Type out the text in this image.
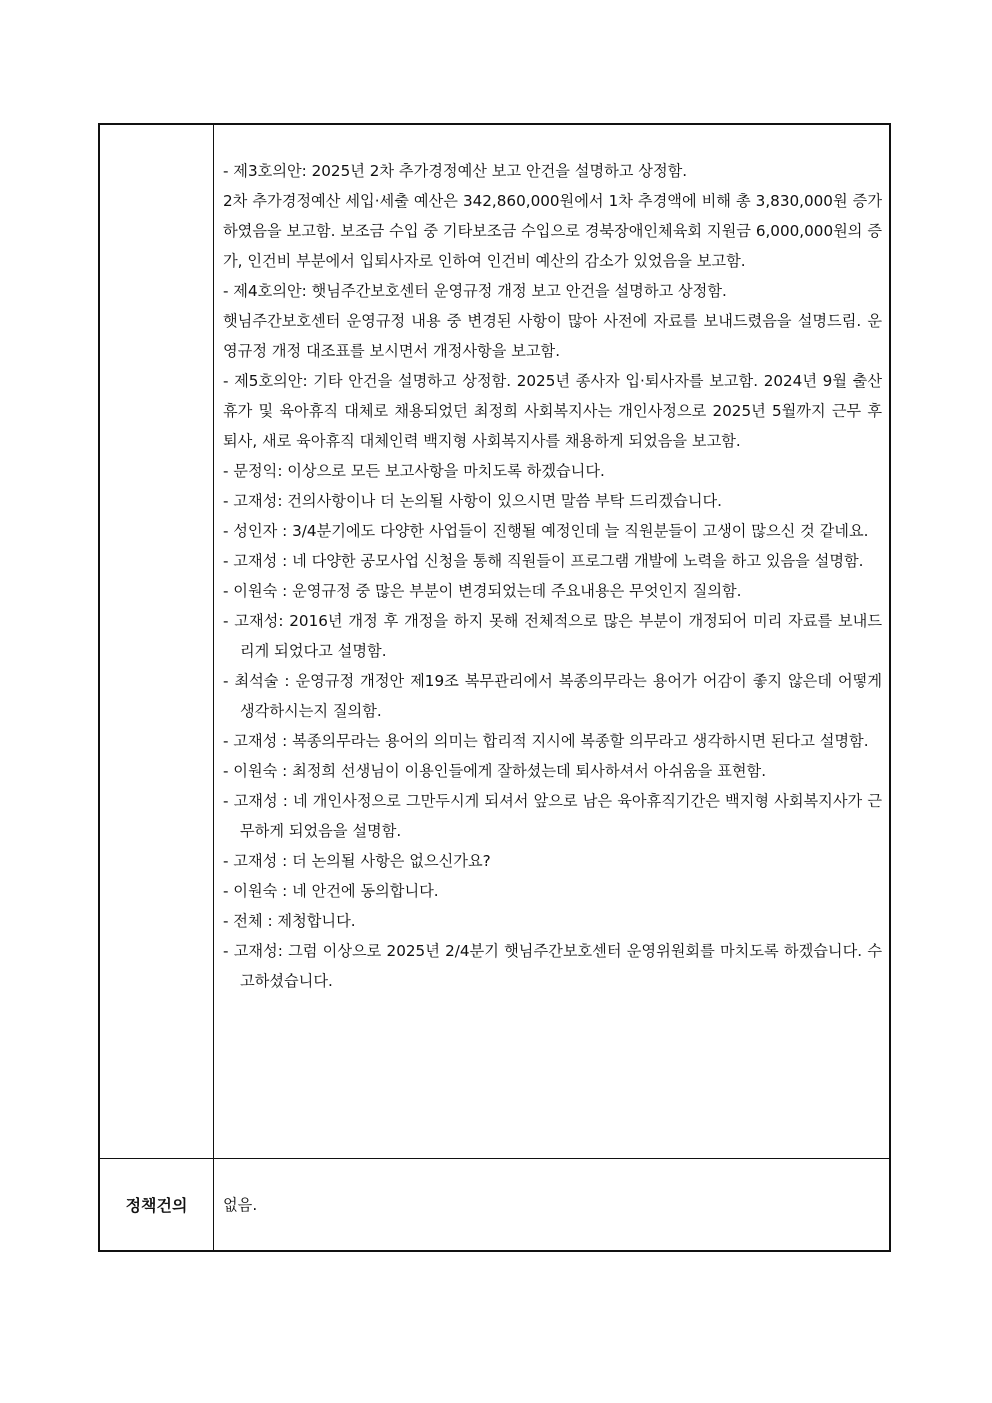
- 제3호의안: 2025년 2차 추가경정예산 보고 안건을 설명하고 상정함.

2차 추가경정예산 세입·세출 예산은 342,860,000원에서 1차 추경액에 비해 총 3,830,000원 증가하였음을 보고함. 보조금 수입 중 기타보조금 수입으로 경북장애인체육회 지원금 6,000,000원의 증가, 인건비 부분에서 입퇴사자로 인하여 인건비 예산의 감소가 있었음을 보고함.

- 제4호의안: 햇님주간보호센터 운영규정 개정 보고 안건을 설명하고 상정함.

햇님주간보호센터 운영규정 내용 중 변경된 사항이 많아 사전에 자료를 보내드렸음을 설명드림. 운영규정 개정 대조표를 보시면서 개정사항을 보고함.

- 제5호의안: 기타 안건을 설명하고 상정함. 2025년 종사자 입·퇴사자를 보고함. 2024년 9월 출산휴가 및 육아휴직 대체로 채용되었던 최정희 사회복지사는 개인사정으로 2025년 5월까지 근무 후 퇴사, 새로 육아휴직 대체인력 백지형 사회복지사를 채용하게 되었음을 보고함.

- 문정익: 이상으로 모든 보고사항을 마치도록 하겠습니다.

- 고재성: 건의사항이나 더 논의될 사항이 있으시면 말씀 부탁 드리겠습니다.

- 성인자 : 3/4분기에도 다양한 사업들이 진행될 예정인데 늘 직원분들이 고생이 많으신 것 같네요.

- 고재성 : 네 다양한 공모사업 신청을 통해 직원들이 프로그램 개발에 노력을 하고 있음을 설명함.

- 이원숙 : 운영규정 중 많은 부분이 변경되었는데 주요내용은 무엇인지 질의함.

- 고재성: 2016년 개정 후 개정을 하지 못해 전체적으로 많은 부분이 개정되어 미리 자료를 보내드리게 되었다고 설명함.

- 최석술 : 운영규정 개정안 제19조 복무관리에서 복종의무라는 용어가 어감이 좋지 않은데 어떻게 생각하시는지 질의함.

- 고재성 : 복종의무라는 용어의 의미는 합리적 지시에 복종할 의무라고 생각하시면 된다고 설명함.

- 이원숙 : 최정희 선생님이 이용인들에게 잘하셨는데 퇴사하셔서 아쉬움을 표현함.

- 고재성 : 네 개인사정으로 그만두시게 되셔서 앞으로 남은 육아휴직기간은 백지형 사회복지사가 근무하게 되었음을 설명함.

- 고재성 : 더 논의될 사항은 없으신가요?

- 이원숙 : 네 안건에 동의합니다.

- 전체 : 제청합니다.

- 고재성: 그럼 이상으로 2025년 2/4분기 햇님주간보호센터 운영위원회를 마치도록 하겠습니다. 수고하셨습니다.

정책건의 없음.
